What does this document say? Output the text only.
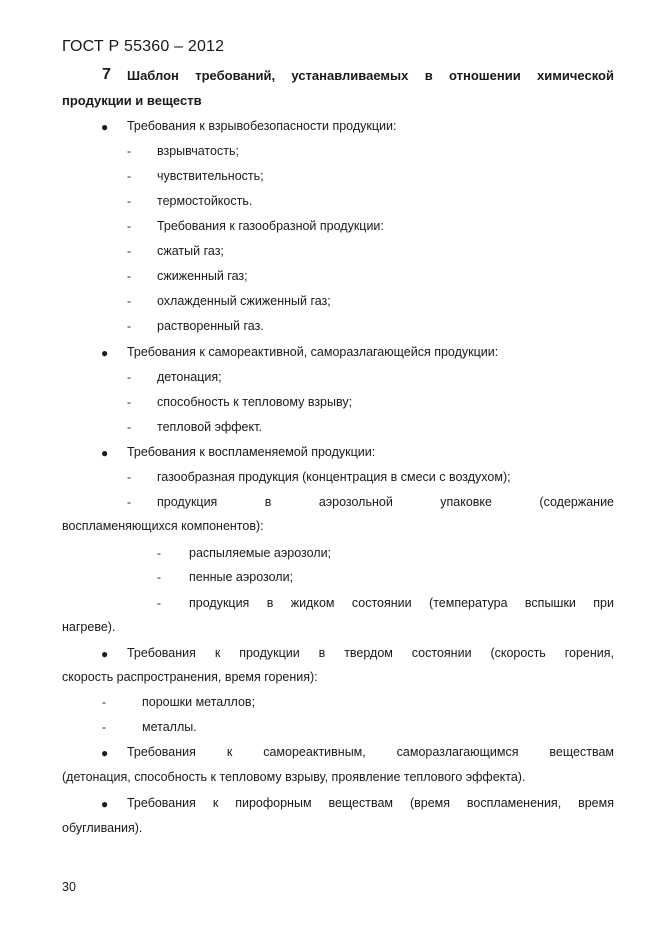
ГОСТ Р 55360 – 2012
7 Шаблон требований, устанавливаемых в отношении химической
продукции и веществ
● Требования к взрывобезопасности продукции:
- взрывчатость;
- чувствительность;
- термостойкость.
- Требования к газообразной продукции:
- сжатый газ;
- сжиженный газ;
- охлажденный сжиженный газ;
- растворенный газ.
● Требования к самореактивной, саморазлагающейся продукции:
- детонация;
- способность к тепловому взрыву;
- тепловой эффект.
● Требования к воспламеняемой продукции:
- газообразная продукция (концентрация в смеси с воздухом);
- продукция в аэрозольной упаковке (содержание
воспламеняющихся компонентов):
- распыляемые аэрозоли;
- пенные аэрозоли;
- продукция в жидком состоянии (температура вспышки при
нагреве).
● Требования к продукции в твердом состоянии (скорость горения,
скорость распространения, время горения):
-	порошки металлов;
-	металлы.
● Требования к самореактивным, саморазлагающимся веществам
(детонация, способность к тепловому взрыву, проявление теплового эффекта).
● Требования к пирофорным веществам (время воспламенения, время
обугливания).
30
